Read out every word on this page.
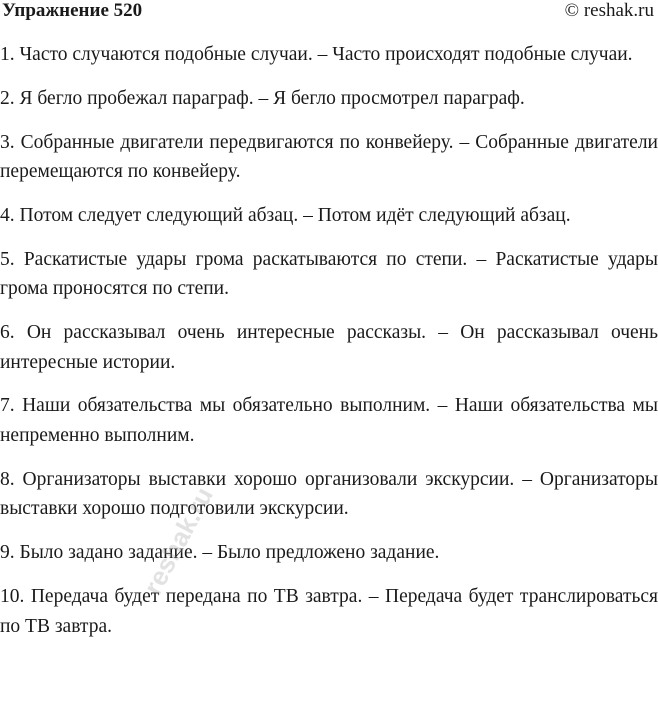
Упражнение 520	© reshak.ru

1. Часто случаются подобные случаи. – Часто происходят подобные случаи.

2. Я бегло пробежал параграф. – Я бегло просмотрел параграф.

3. Собранные двигатели передвигаются по конвейеру. – Собранные двигатели перемещаются по конвейеру.

4. Потом следует следующий абзац. – Потом идёт следующий абзац.

5. Раскатистые удары грома раскатываются по степи. – Раскатистые удары грома проносятся по степи.

6. Он рассказывал очень интересные рассказы. – Он рассказывал очень интересные истории.

7. Наши обязательства мы обязательно выполним. – Наши обязательства мы непременно выполним.

8. Организаторы выставки хорошо организовали экскурсии. – Организаторы выставки хорошо подготовили экскурсии.

9. Было задано задание. – Было предложено задание.

10. Передача будет передана по ТВ завтра. – Передача будет транслироваться по ТВ завтра.

reshak.ru
